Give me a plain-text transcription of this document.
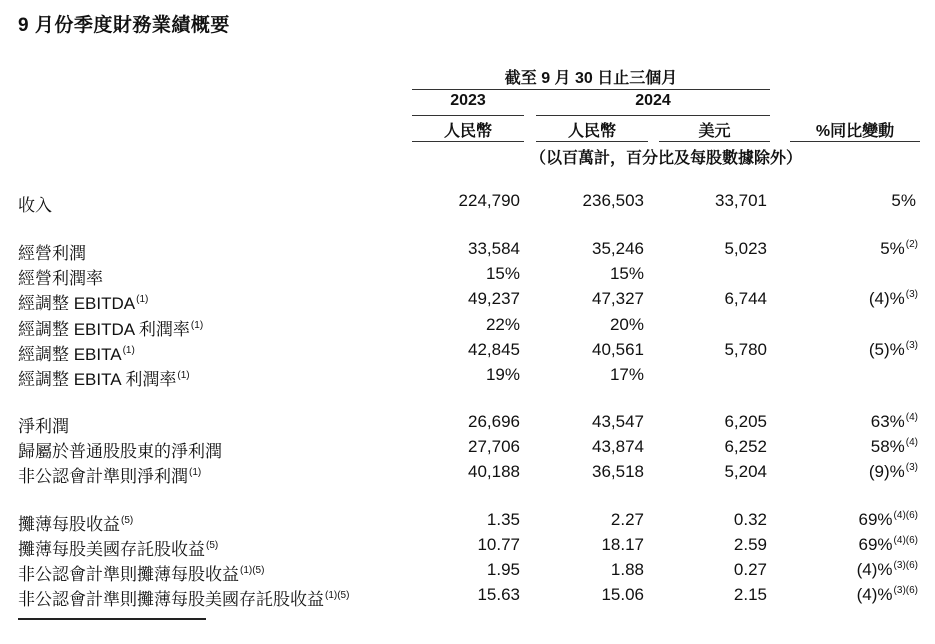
9 月份季度財務業績概要
截至 9 月 30 日止三個月
2023	2024
人民幣	人民幣	美元	%同比變動
（以百萬計，百分比及每股數據除外）
收入	224,790	236,503	33,701	5%
經營利潤	33,584	35,246	5,023	5%$^{(2)}$
經營利潤率	15%	15%
經調整 EBITDA$^{(1)}$	49,237	47,327	6,744	(4)%$^{(3)}$
經調整 EBITDA 利潤率$^{(1)}$	22%	20%
經調整 EBITA$^{(1)}$	42,845	40,561	5,780	(5)%$^{(3)}$
經調整 EBITA 利潤率$^{(1)}$	19%	17%
淨利潤	26,696	43,547	6,205	63%$^{(4)}$
歸屬於普通股股東的淨利潤	27,706	43,874	6,252	58%$^{(4)}$
非公認會計準則淨利潤$^{(1)}$	40,188	36,518	5,204	(9)%$^{(3)}$
攤薄每股收益$^{(5)}$	1.35	2.27	0.32	69%$^{(4)(6)}$
攤薄每股美國存託股收益$^{(5)}$	10.77	18.17	2.59	69%$^{(4)(6)}$
非公認會計準則攤薄每股收益$^{(1)(5)}$	1.95	1.88	0.27	(4)%$^{(3)(6)}$
非公認會計準則攤薄每股美國存託股收益$^{(1)(5)}$	15.63	15.06	2.15	(4)%$^{(3)(6)}$
